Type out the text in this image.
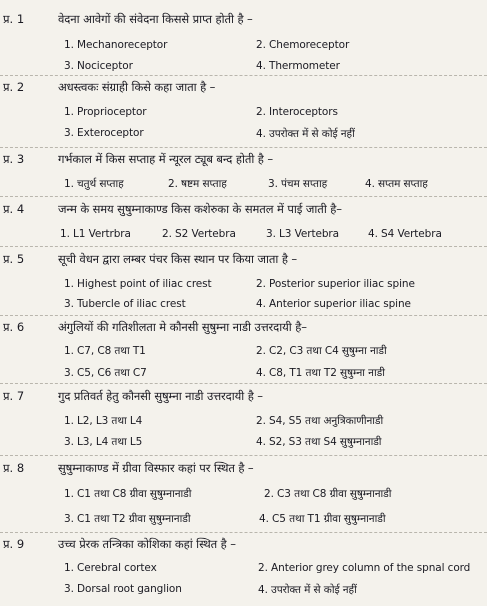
प्र. 1	वेदना आवेगों की संवेदना किससे प्राप्त होती है –
1. Mechanoreceptor	2. Chemoreceptor
3. Nociceptor	4. Thermometer
प्र. 2	अधस्त्वकः संग्राही किसे कहा जाता है –
1. Proprioceptor	2. Interoceptors
3. Exteroceptor	4. उपरोक्त में से कोई नहीं
प्र. 3	गर्भकाल में किस सप्ताह में न्यूरल ट्यूब बन्द होती है –
1. चतुर्थ सप्ताह	2. षष्टम सप्ताह	3. पंचम सप्ताह	4. सप्तम सप्ताह
प्र. 4	जन्म के समय सुषुम्नाकाण्ड किस कशेरुका के समतल में पाई जाती है–
1. L1 Vertrbra	2. S2 Vertebra	3. L3 Vertebra	4. S4 Vertebra
प्र. 5	सूची वेधन द्वारा लम्बर पंचर किस स्थान पर किया जाता है –
1. Highest point of iliac crest	2. Posterior superior iliac spine
3. Tubercle of iliac crest	4. Anterior superior iliac spine
प्र. 6	अंगुलियों की गतिशीलता मे कौनसी सुषुम्ना नाडी उत्तरदायी है–
1. C7, C8 तथा T1	2. C2, C3 तथा C4 सुषुम्ना नाडी
3. C5, C6 तथा C7	4. C8, T1 तथा T2 सुषुम्ना नाडी
प्र. 7	गुद प्रतिवर्त हेतु कौनसी सुषुम्ना नाडी उत्तरदायी है –
1. L2, L3 तथा L4	2. S4, S5 तथा अनुत्रिकाणीनाडी
3. L3, L4 तथा L5	4. S2, S3 तथा S4 सुषुम्नानाडी
प्र. 8	सुषुम्नाकाण्ड में ग्रीवा विस्फार कहां पर स्थित है –
1. C1 तथा C8 ग्रीवा सुषुम्नानाडी	2. C3 तथा C8 ग्रीवा सुषुम्नानाडी
3. C1 तथा T2 ग्रीवा सुषुम्नानाडी	4. C5 तथा T1 ग्रीवा सुषुम्नानाडी
प्र. 9	उच्च प्रेरक तन्त्रिका कोशिका कहां स्थित है –
1. Cerebral cortex	2. Anterior grey column of the spnal cord
3. Dorsal root ganglion	4. उपरोक्त में से कोई नहीं
